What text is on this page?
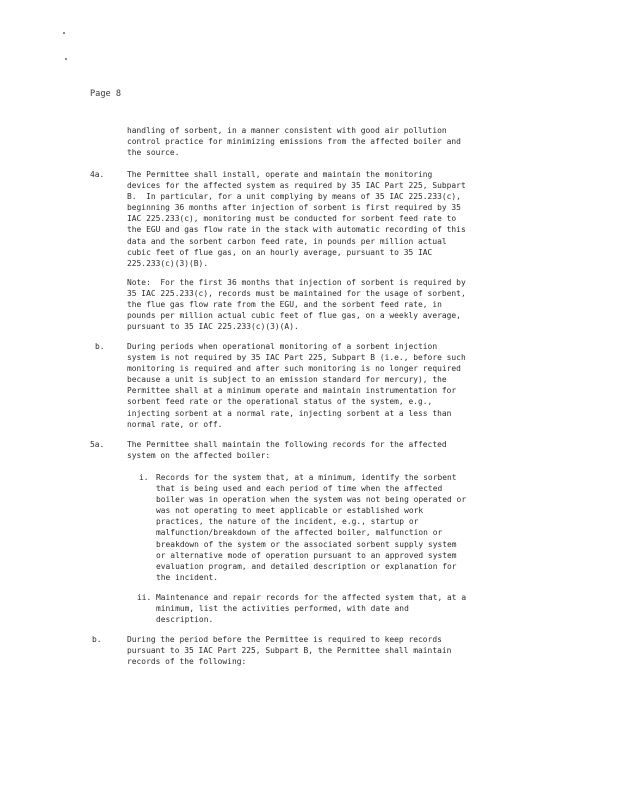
Page 8
handling of sorbent, in a manner consistent with good air pollution
control practice for minimizing emissions from the affected boiler and
the source.
4a.	The Permittee shall install, operate and maintain the monitoring
devices for the affected system as required by 35 IAC Part 225, Subpart
B.  In particular, for a unit complying by means of 35 IAC 225.233(c),
beginning 36 months after injection of sorbent is first required by 35
IAC 225.233(c), monitoring must be conducted for sorbent feed rate to
the EGU and gas flow rate in the stack with automatic recording of this
data and the sorbent carbon feed rate, in pounds per million actual
cubic feet of flue gas, on an hourly average, pursuant to 35 IAC
225.233(c)(3)(B).
Note:  For the first 36 months that injection of sorbent is required by
35 IAC 225.233(c), records must be maintained for the usage of sorbent,
the flue gas flow rate from the EGU, and the sorbent feed rate, in
pounds per million actual cubic feet of flue gas, on a weekly average,
pursuant to 35 IAC 225.233(c)(3)(A).
b.	During periods when operational monitoring of a sorbent injection
system is not required by 35 IAC Part 225, Subpart B (i.e., before such
monitoring is required and after such monitoring is no longer required
because a unit is subject to an emission standard for mercury), the
Permittee shall at a minimum operate and maintain instrumentation for
sorbent feed rate or the operational status of the system, e.g.,
injecting sorbent at a normal rate, injecting sorbent at a less than
normal rate, or off.
5a.	The Permittee shall maintain the following records for the affected
system on the affected boiler:
i. Records for the system that, at a minimum, identify the sorbent
that is being used and each period of time when the affected
boiler was in operation when the system was not being operated or
was not operating to meet applicable or established work
practices, the nature of the incident, e.g., startup or
malfunction/breakdown of the affected boiler, malfunction or
breakdown of the system or the associated sorbent supply system
or alternative mode of operation pursuant to an approved system
evaluation program, and detailed description or explanation for
the incident.
ii. Maintenance and repair records for the affected system that, at a
minimum, list the activities performed, with date and
description.
b.	During the period before the Permittee is required to keep records
pursuant to 35 IAC Part 225, Subpart B, the Permittee shall maintain
records of the following:
